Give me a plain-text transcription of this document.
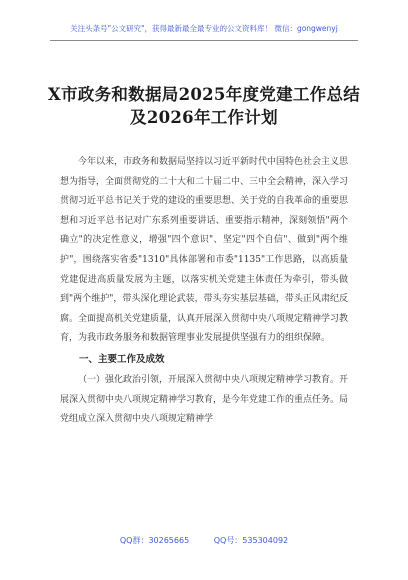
关注头条号"公文研究"，获得最新最全最专业的公文资料库！ 微信：gongwenyj
X市政务和数据局2025年度党建工作总结
及2026年工作计划

今年以来，市政务和数据局坚持以习近平新时代中国特色社会主义思想为指导，全面贯彻党的二十大和二十届二中、三中全会精神，深入学习贯彻习近平总书记关于党的建设的重要思想、关于党的自我革命的重要思想和习近平总书记对广东系列重要讲话、重要指示精神，深刻领悟"两个确立"的决定性意义，增强"四个意识"、坚定"四个自信"、做到"两个维护"，围绕落实省委"1310"具体部署和市委"1135"工作思路，以高质量党建促进高质量发展为主题，以落实机关党建主体责任为牵引，带头做到"两个维护"，带头深化理论武装，带头夯实基层基础，带头正风肃纪反腐。全面提高机关党建质量，认真开展深入贯彻中央八项规定精神学习教育，为我市政务服务和数据管理事业发展提供坚强有力的组织保障。

一、主要工作及成效

（一）强化政治引领，开展深入贯彻中央八项规定精神学习教育。开展深入贯彻中央八项规定精神学习教育，是今年党建工作的重点任务。局党组成立深入贯彻中央八项规定精神学

QQ群：30265665	QQ号：535304092
